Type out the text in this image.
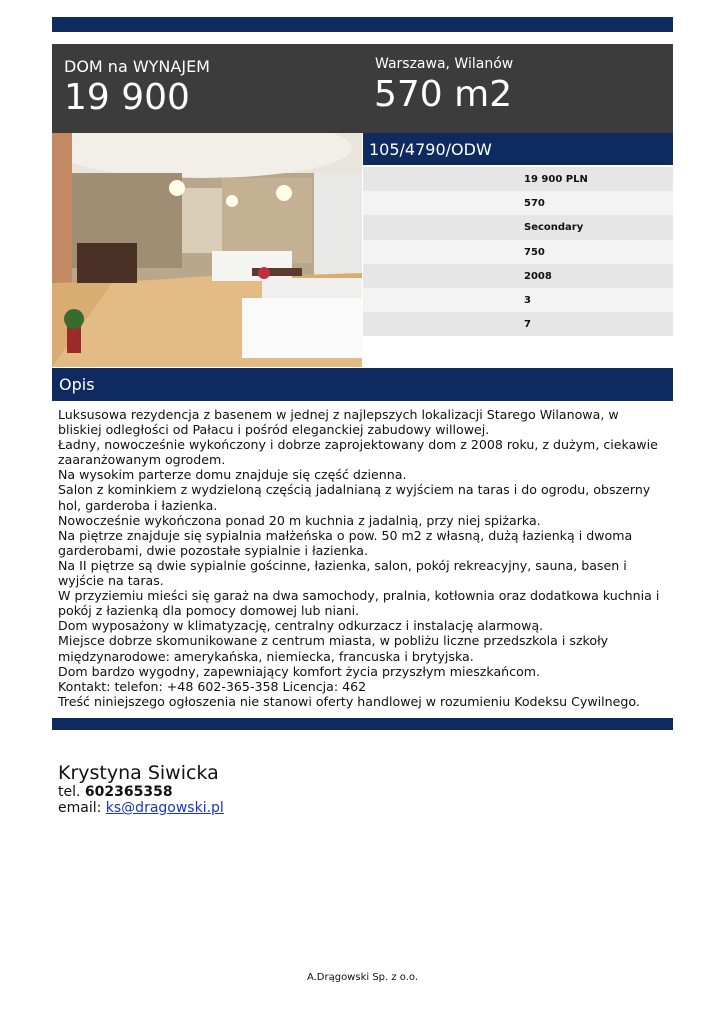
DOM na WYNAJEM
19 900
Warszawa, Wilanów
570 m2
105/4790/ODW
19 900 PLN
570
Secondary
750
2008
3
7
Opis
Luksusowa rezydencja z basenem w jednej z najlepszych lokalizacji Starego Wilanowa, w bliskiej odległości od Pałacu i pośród eleganckiej zabudowy willowej.
Ładny, nowocześnie wykończony i dobrze zaprojektowany dom z 2008 roku, z dużym, ciekawie zaaranżowanym ogrodem.
Na wysokim parterze domu znajduje się część dzienna.
Salon z kominkiem z wydzieloną częścią jadalnianą z wyjściem na taras i do ogrodu, obszerny hol, garderoba i łazienka.
Nowocześnie wykończona ponad 20 m kuchnia z jadalnią, przy niej spiżarka.
Na piętrze znajduje się sypialnia małżeńska o pow. 50 m2 z własną, dużą łazienką i dwoma garderobami, dwie pozostałe sypialnie i łazienka.
Na II piętrze są dwie sypialnie gościnne, łazienka, salon, pokój rekreacyjny, sauna, basen i wyjście na taras.
W przyziemiu mieści się garaż na dwa samochody, pralnia, kotłownia oraz dodatkowa kuchnia i pokój z łazienką dla pomocy domowej lub niani.
Dom wyposażony w klimatyzację, centralny odkurzacz i instalację alarmową.
Miejsce dobrze skomunikowane z centrum miasta, w pobliżu liczne przedszkola i szkoły międzynarodowe: amerykańska, niemiecka, francuska i brytyjska.
Dom bardzo wygodny, zapewniający komfort życia przyszłym mieszkańcom.
Kontakt: telefon: +48 602-365-358 Licencja: 462
Treść niniejszego ogłoszenia nie stanowi oferty handlowej w rozumieniu Kodeksu Cywilnego.
Krystyna Siwicka
tel. 602365358
email: ks@dragowski.pl
A.Drągowski Sp. z o.o.
